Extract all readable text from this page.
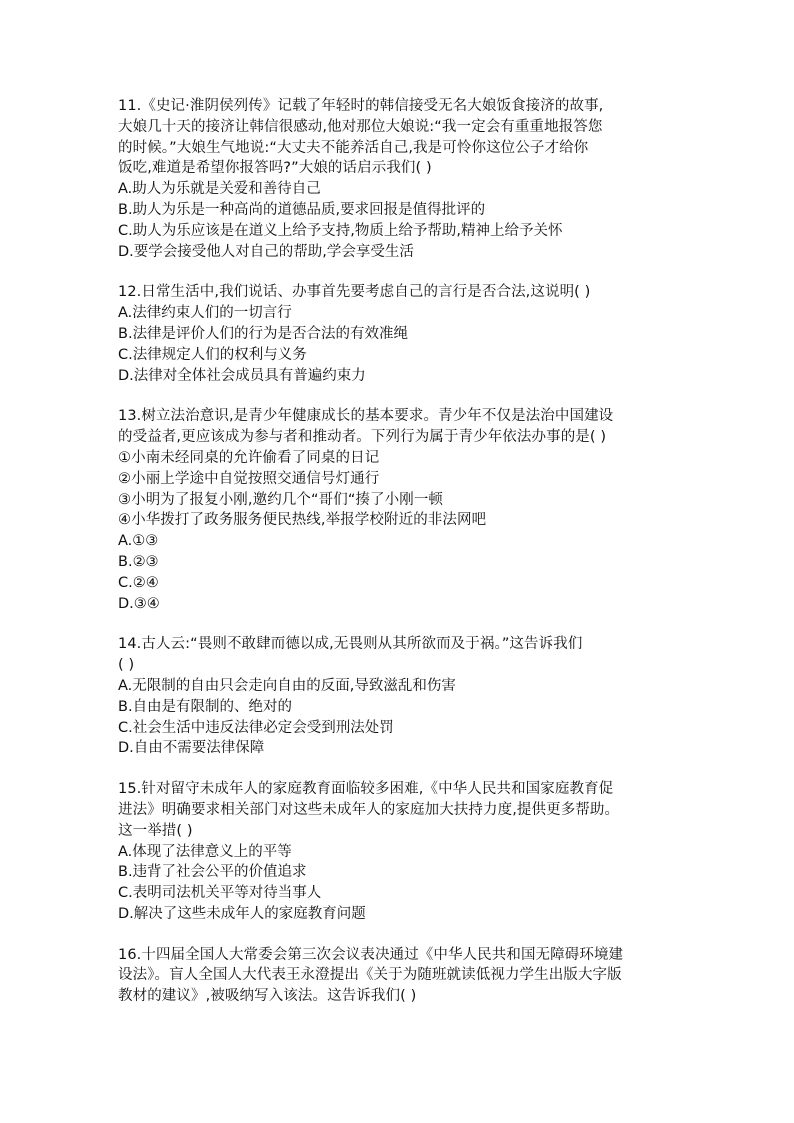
11.《史记·淮阴侯列传》记载了年轻时的韩信接受无名大娘饭食接济的故事,
大娘几十天的接济让韩信很感动,他对那位大娘说:“我一定会有重重地报答您
的时候。”大娘生气地说:“大丈夫不能养活自己,我是可怜你这位公子才给你
饭吃,难道是希望你报答吗?”大娘的话启示我们( )
A.助人为乐就是关爱和善待自己
B.助人为乐是一种高尚的道德品质,要求回报是值得批评的
C.助人为乐应该是在道义上给予支持,物质上给予帮助,精神上给予关怀
D.要学会接受他人对自己的帮助,学会享受生活
12.日常生活中,我们说话、办事首先要考虑自己的言行是否合法,这说明( )
A.法律约束人们的一切言行
B.法律是评价人们的行为是否合法的有效准绳
C.法律规定人们的权利与义务
D.法律对全体社会成员具有普遍约束力
13.树立法治意识,是青少年健康成长的基本要求。青少年不仅是法治中国建设
的受益者,更应该成为参与者和推动者。下列行为属于青少年依法办事的是( )
①小南未经同桌的允许偷看了同桌的日记
②小丽上学途中自觉按照交通信号灯通行
③小明为了报复小刚,邀约几个“哥们“揍了小刚一顿
④小华拨打了政务服务便民热线,举报学校附近的非法网吧
A.①③
B.②③
C.②④
D.③④
14.古人云:“畏则不敢肆而德以成,无畏则从其所欲而及于祸。”这告诉我们
( )
A.无限制的自由只会走向自由的反面,导致滋乱和伤害
B.自由是有限制的、绝对的
C.社会生活中违反法律必定会受到刑法处罚
D.自由不需要法律保障
15.针对留守未成年人的家庭教育面临较多困难,《中华人民共和国家庭教育促
进法》明确要求相关部门对这些未成年人的家庭加大扶持力度,提供更多帮助。
这一举措( )
A.体现了法律意义上的平等
B.违背了社会公平的价值追求
C.表明司法机关平等对待当事人
D.解决了这些未成年人的家庭教育问题
16.十四届全国人大常委会第三次会议表决通过《中华人民共和国无障碍环境建
设法》。盲人全国人大代表王永澄提出《关于为随班就读低视力学生出版大字版
教材的建议》,被吸纳写入该法。这告诉我们( )
